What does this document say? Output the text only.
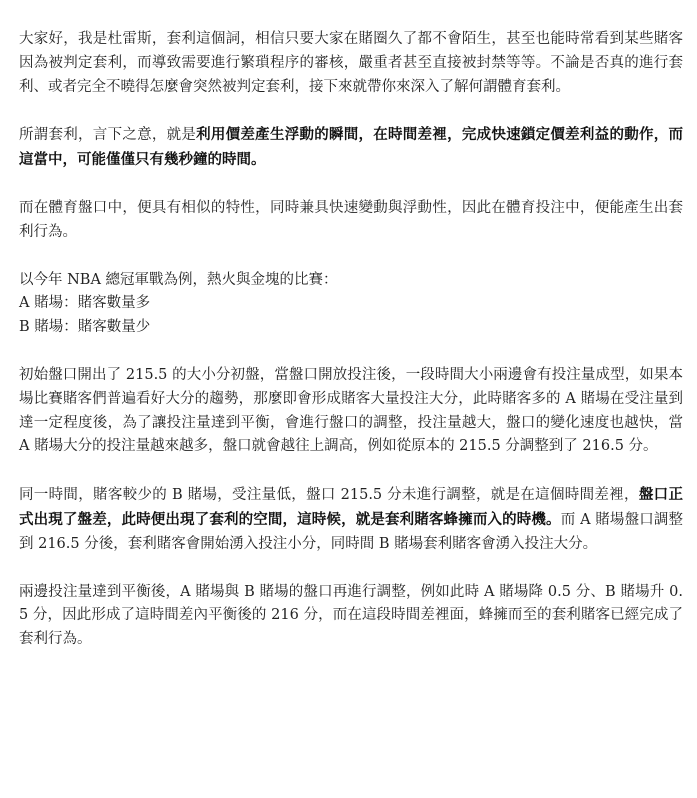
大家好，我是杜雷斯，套利這個詞，相信只要大家在賭圈久了都不會陌生，甚至也能時常看到某些賭客因為被判定套利，而導致需要進行繁瑣程序的審核，嚴重者甚至直接被封禁等等。不論是否真的進行套利、或者完全不曉得怎麼會突然被判定套利，接下來就帶你來深入了解何謂體育套利。

所謂套利，言下之意，就是利用價差產生浮動的瞬間，在時間差裡，完成快速鎖定價差利益的動作，而這當中，可能僅僅只有幾秒鐘的時間。

而在體育盤口中，便具有相似的特性，同時兼具快速變動與浮動性，因此在體育投注中，便能產生出套利行為。

以今年 NBA 總冠軍戰為例，熱火與金塊的比賽：
A 賭場：賭客數量多
B 賭場：賭客數量少

初始盤口開出了 215.5 的大小分初盤，當盤口開放投注後，一段時間大小兩邊會有投注量成型，如果本場比賽賭客們普遍看好大分的趨勢，那麼即會形成賭客大量投注大分，此時賭客多的 A 賭場在受注量到達一定程度後，為了讓投注量達到平衡，會進行盤口的調整，投注量越大，盤口的變化速度也越快，當 A 賭場大分的投注量越來越多，盤口就會越往上調高，例如從原本的 215.5 分調整到了 216.5 分。

同一時間，賭客較少的 B 賭場，受注量低，盤口 215.5 分未進行調整，就是在這個時間差裡，盤口正式出現了盤差，此時便出現了套利的空間，這時候，就是套利賭客蜂擁而入的時機。而 A 賭場盤口調整到 216.5 分後，套利賭客會開始湧入投注小分，同時間 B 賭場套利賭客會湧入投注大分。

兩邊投注量達到平衡後，A 賭場與 B 賭場的盤口再進行調整，例如此時 A 賭場降 0.5 分、B 賭場升 0.5 分，因此形成了這時間差內平衡後的 216 分，而在這段時間差裡面，蜂擁而至的套利賭客已經完成了套利行為。
